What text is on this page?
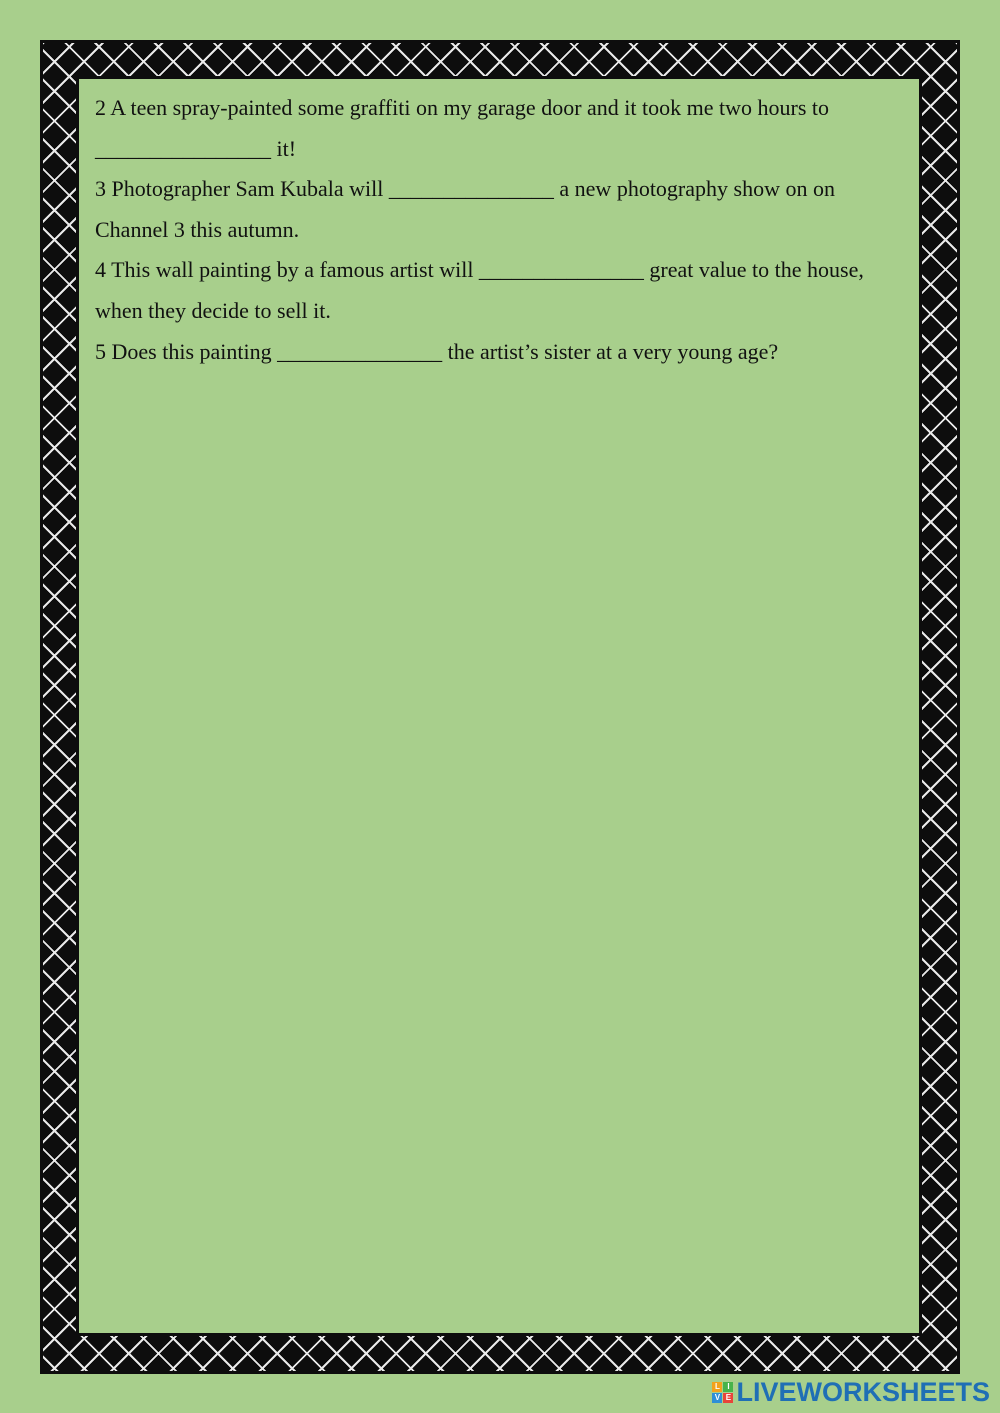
2 A teen spray-painted some graffiti on my garage door and it took me two hours to
________________ it!
3 Photographer Sam Kubala will _______________ a new photography show on on
Channel 3 this autumn.
4 This wall painting by a famous artist will _______________ great value to the house,
when they decide to sell it.
5 Does this painting _______________ the artist’s sister at a very young age?
L I
V E LIVEWORKSHEETS
